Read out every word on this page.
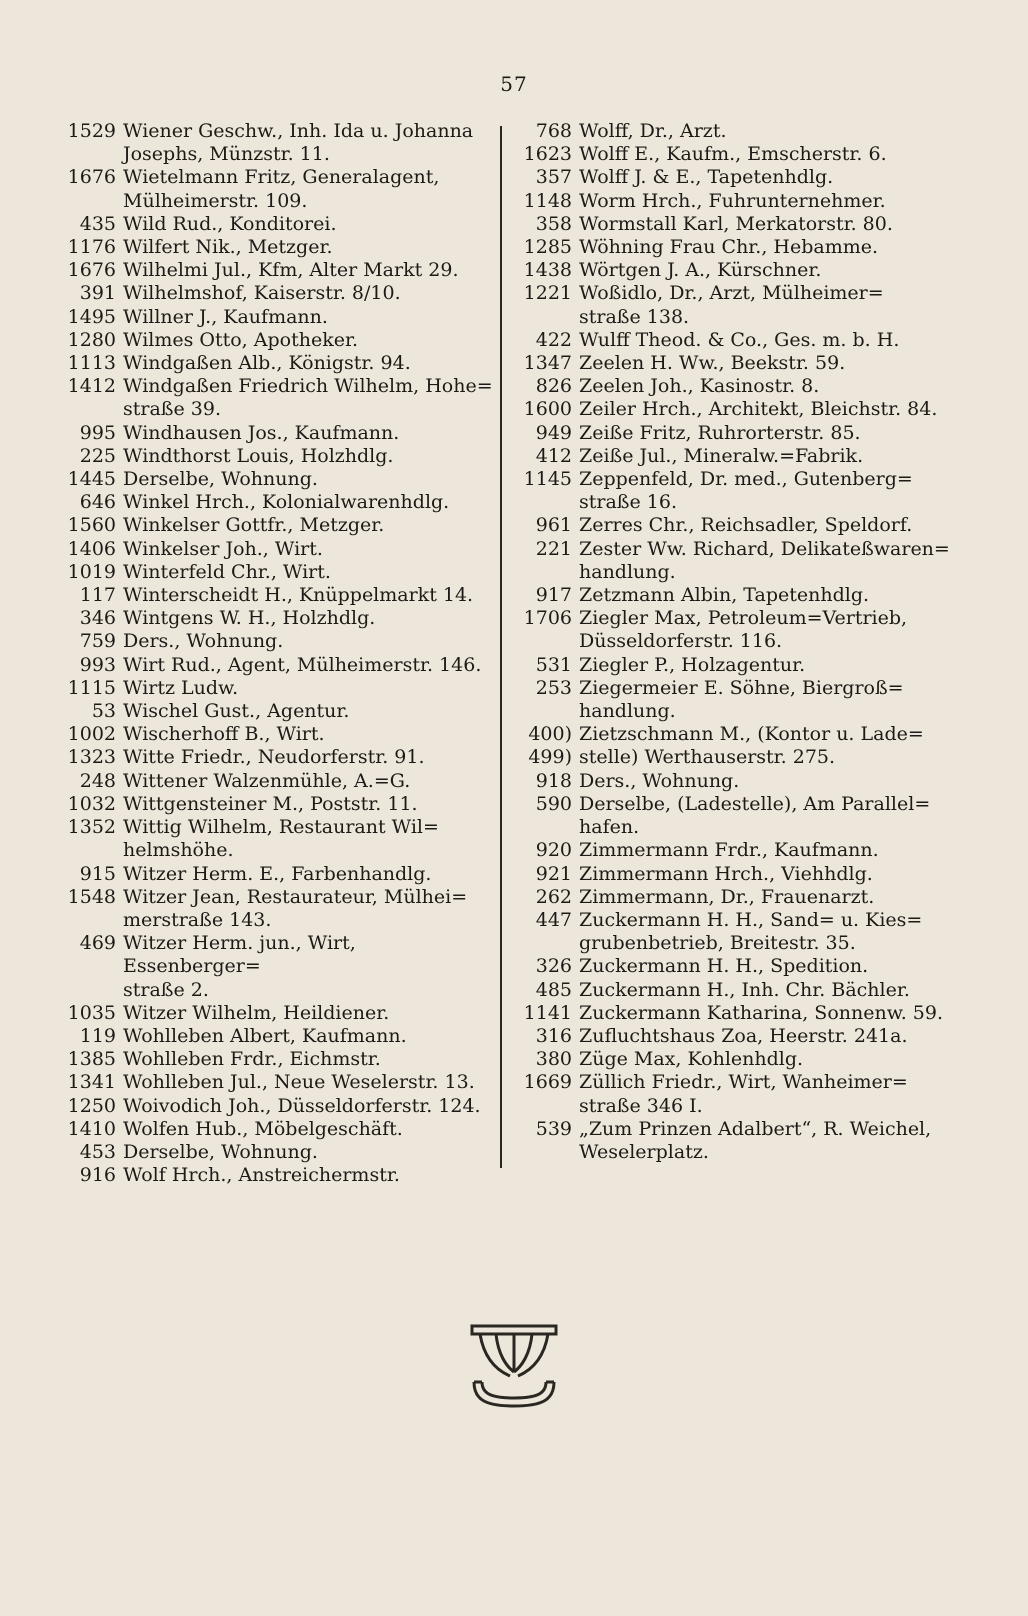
57
1529 Wiener Geschw., Inh. Ida u. Johanna
Josephs, Münzstr. 11.
1676 Wietelmann Fritz, Generalagent,
Mülheimerstr. 109.
435 Wild Rud., Konditorei.
1176 Wilfert Nik., Metzger.
1676 Wilhelmi Jul., Kfm, Alter Markt 29.
391 Wilhelmshof, Kaiserstr. 8/10.
1495 Willner J., Kaufmann.
1280 Wilmes Otto, Apotheker.
1113 Windgaßen Alb., Königstr. 94.
1412 Windgaßen Friedrich Wilhelm, Hohe=
straße 39.
995 Windhausen Jos., Kaufmann.
225 Windthorst Louis, Holzhdlg.
1445 Derselbe, Wohnung.
646 Winkel Hrch., Kolonialwarenhdlg.
1560 Winkelser Gottfr., Metzger.
1406 Winkelser Joh., Wirt.
1019 Winterfeld Chr., Wirt.
117 Winterscheidt H., Knüppelmarkt 14.
346 Wintgens W. H., Holzhdlg.
759 Ders., Wohnung.
993 Wirt Rud., Agent, Mülheimerstr. 146.
1115 Wirtz Ludw.
53 Wischel Gust., Agentur.
1002 Wischerhoff B., Wirt.
1323 Witte Friedr., Neudorferstr. 91.
248 Wittener Walzenmühle, A.=G.
1032 Wittgensteiner M., Poststr. 11.
1352 Wittig Wilhelm, Restaurant Wil=
helmshöhe.
915 Witzer Herm. E., Farbenhandlg.
1548 Witzer Jean, Restaurateur, Mülhei=
merstraße 143.
469 Witzer Herm. jun., Wirt, Essenberger=
straße 2.
1035 Witzer Wilhelm, Heildiener.
119 Wohlleben Albert, Kaufmann.
1385 Wohlleben Frdr., Eichmstr.
1341 Wohlleben Jul., Neue Weselerstr. 13.
1250 Woivodich Joh., Düsseldorferstr. 124.
1410 Wolfen Hub., Möbelgeschäft.
453 Derselbe, Wohnung.
916 Wolf Hrch., Anstreichermstr.
768 Wolff, Dr., Arzt.
1623 Wolff E., Kaufm., Emscherstr. 6.
357 Wolff J. & E., Tapetenhdlg.
1148 Worm Hrch., Fuhrunternehmer.
358 Wormstall Karl, Merkatorstr. 80.
1285 Wöhning Frau Chr., Hebamme.
1438 Wörtgen J. A., Kürschner.
1221 Woßidlo, Dr., Arzt, Mülheimer=
straße 138.
422 Wulff Theod. & Co., Ges. m. b. H.
1347 Zeelen H. Ww., Beekstr. 59.
826 Zeelen Joh., Kasinostr. 8.
1600 Zeiler Hrch., Architekt, Bleichstr. 84.
949 Zeiße Fritz, Ruhrorterstr. 85.
412 Zeiße Jul., Mineralw.=Fabrik.
1145 Zeppenfeld, Dr. med., Gutenberg=
straße 16.
961 Zerres Chr., Reichsadler, Speldorf.
221 Zester Ww. Richard, Delikateßwaren=
handlung.
917 Zetzmann Albin, Tapetenhdlg.
1706 Ziegler Max, Petroleum=Vertrieb,
Düsseldorferstr. 116.
531 Ziegler P., Holzagentur.
253 Ziegermeier E. Söhne, Biergroß=
handlung.
400)
499)
Zietzschmann M., (Kontor u. Lade=
stelle) Werthauserstr. 275.
918 Ders., Wohnung.
590 Derselbe, (Ladestelle), Am Parallel=
hafen.
920 Zimmermann Frdr., Kaufmann.
921 Zimmermann Hrch., Viehhdlg.
262 Zimmermann, Dr., Frauenarzt.
447 Zuckermann H. H., Sand= u. Kies=
grubenbetrieb, Breitestr. 35.
326 Zuckermann H. H., Spedition.
485 Zuckermann H., Inh. Chr. Bächler.
1141 Zuckermann Katharina, Sonnenw. 59.
316 Zufluchtshaus Zoa, Heerstr. 241a.
380 Züge Max, Kohlenhdlg.
1669 Züllich Friedr., Wirt, Wanheimer=
straße 346 I.
539 „Zum Prinzen Adalbert“, R. Weichel,
Weselerplatz.
